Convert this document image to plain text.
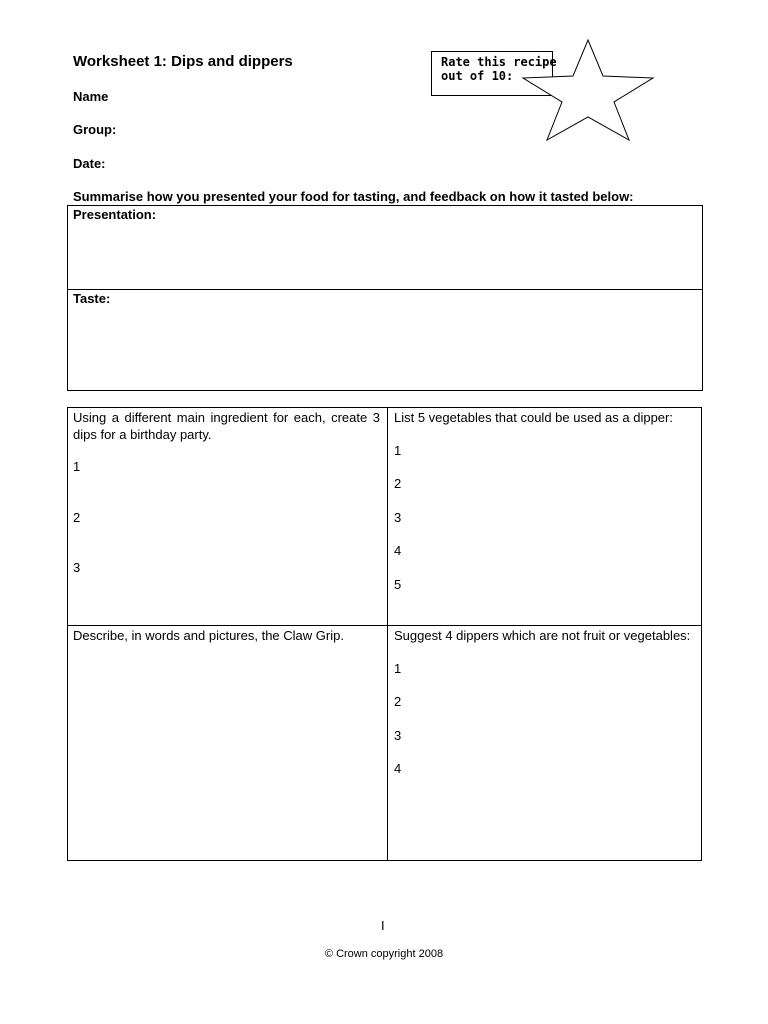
Worksheet 1: Dips and dippers
Name
Group:
Date:
Summarise how you presented your food for tasting, and feedback on how it tasted below:
Rate this recipe
out of 10:
Presentation:
Taste:
Using a different main ingredient for each, create 3 dips for a birthday party.
1
2
3
List 5 vegetables that could be used as a dipper:
1
2
3
4
5
Describe, in words and pictures, the Claw Grip.	Suggest 4 dippers which are not fruit or vegetables:
1
2
3
4
I
© Crown copyright 2008
